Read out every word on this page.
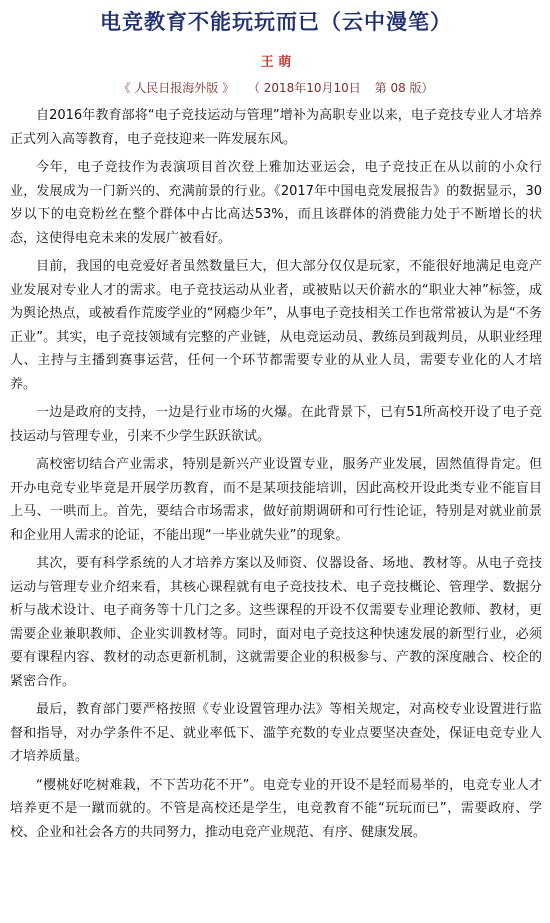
电竞教育不能玩玩而已（云中漫笔）
王 萌
《 人民日报海外版 》 （ 2018年10月10日 第 08 版）

自2016年教育部将“电子竞技运动与管理”增补为高职专业以来，电子竞技专业人才培养正式列入高等教育，电子竞技迎来一阵发展东风。

今年，电子竞技作为表演项目首次登上雅加达亚运会，电子竞技正在从以前的小众行业，发展成为一门新兴的、充满前景的行业。《2017年中国电竞发展报告》的数据显示，30岁以下的电竞粉丝在整个群体中占比高达53%，而且该群体的消费能力处于不断增长的状态，这使得电竞未来的发展广被看好。

目前，我国的电竞爱好者虽然数量巨大，但大部分仅仅是玩家，不能很好地满足电竞产业发展对专业人才的需求。电子竞技运动从业者，或被贴以天价薪水的“职业大神”标签，成为舆论热点，或被看作荒废学业的“网瘾少年”，从事电子竞技相关工作也常常被认为是“不务正业”。其实，电子竞技领域有完整的产业链，从电竞运动员、教练员到裁判员，从职业经理人、主持与主播到赛事运营，任何一个环节都需要专业的从业人员，需要专业化的人才培养。

一边是政府的支持，一边是行业市场的火爆。在此背景下，已有51所高校开设了电子竞技运动与管理专业，引来不少学生跃跃欲试。

高校密切结合产业需求，特别是新兴产业设置专业，服务产业发展，固然值得肯定。但开办电竞专业毕竟是开展学历教育，而不是某项技能培训，因此高校开设此类专业不能盲目上马、一哄而上。首先，要结合市场需求，做好前期调研和可行性论证，特别是对就业前景和企业用人需求的论证，不能出现“一毕业就失业”的现象。

其次，要有科学系统的人才培养方案以及师资、仪器设备、场地、教材等。从电子竞技运动与管理专业介绍来看，其核心课程就有电子竞技技术、电子竞技概论、管理学、数据分析与战术设计、电子商务等十几门之多。这些课程的开设不仅需要专业理论教师、教材，更需要企业兼职教师、企业实训教材等。同时，面对电子竞技这种快速发展的新型行业，必须要有课程内容、教材的动态更新机制，这就需要企业的积极参与、产教的深度融合、校企的紧密合作。

最后，教育部门要严格按照《专业设置管理办法》等相关规定，对高校专业设置进行监督和指导，对办学条件不足、就业率低下、滥竽充数的专业点要坚决查处，保证电竞专业人才培养质量。

“樱桃好吃树难栽，不下苦功花不开”。电竞专业的开设不是轻而易举的，电竞专业人才培养更不是一蹴而就的。不管是高校还是学生，电竞教育不能“玩玩而已”，需要政府、学校、企业和社会各方的共同努力，推动电竞产业规范、有序、健康发展。
